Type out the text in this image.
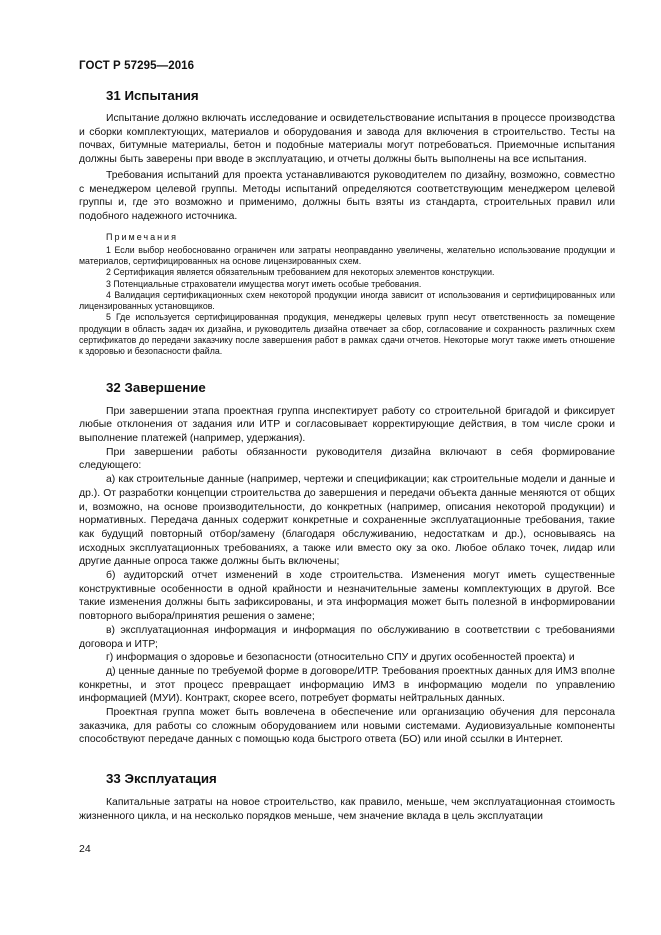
ГОСТ Р 57295—2016
31 Испытания

Испытание должно включать исследование и освидетельствование испытания в процессе производства и сборки комплектующих, материалов и оборудования и завода для включения в строительство. Тесты на почвах, битумные материалы, бетон и подобные материалы могут потребоваться. Приемочные испытания должны быть заверены при вводе в эксплуатацию, и отчеты должны быть выполнены на все испытания.

Требования испытаний для проекта устанавливаются руководителем по дизайну, возможно, совместно с менеджером целевой группы. Методы испытаний определяются соответствующим менеджером целевой группы и, где это возможно и применимо, должны быть взяты из стандарта, строительных правил или подобного надежного источника.

Примечания

1 Если выбор необоснованно ограничен или затраты неоправданно увеличены, желательно использование продукции и материалов, сертифицированных на основе лицензированных схем.

2 Сертификация является обязательным требованием для некоторых элементов конструкции.

3 Потенциальные страхователи имущества могут иметь особые требования.

4 Валидация сертификационных схем некоторой продукции иногда зависит от использования и сертифицированных или лицензированных установщиков.

5 Где используется сертифицированная продукция, менеджеры целевых групп несут ответственность за помещение продукции в область задач их дизайна, и руководитель дизайна отвечает за сбор, согласование и сохранность различных схем сертификатов до передачи заказчику после завершения работ в рамках сдачи отчетов. Некоторые могут также иметь отношение к здоровью и безопасности файла.

32 Завершение

При завершении этапа проектная группа инспектирует работу со строительной бригадой и фиксирует любые отклонения от задания или ИТР и согласовывает корректирующие действия, в том числе сроки и выполнение платежей (например, удержания).

При завершении работы обязанности руководителя дизайна включают в себя формирование следующего:

а) как строительные данные (например, чертежи и спецификации; как строительные модели и данные и др.). От разработки концепции строительства до завершения и передачи объекта данные меняются от общих и, возможно, на основе производительности, до конкретных (например, описания некоторой продукции) и нормативных. Передача данных содержит конкретные и сохраненные эксплуатационные требования, такие как будущий повторный отбор/замену (благодаря обслуживанию, недостаткам и др.), основываясь на исходных эксплуатационных требованиях, а также или вместо оку за око. Любое облако точек, лидар или другие данные опроса также должны быть включены;

б) аудиторский отчет изменений в ходе строительства. Изменения могут иметь существенные конструктивные особенности в одной крайности и незначительные замены комплектующих в другой. Все такие изменения должны быть зафиксированы, и эта информация может быть полезной в информировании повторного выбора/принятия решения о замене;

в) эксплуатационная информация и информация по обслуживанию в соответствии с требованиями договора и ИТР;

г) информация о здоровье и безопасности (относительно СПУ и других особенностей проекта) и

д) ценные данные по требуемой форме в договоре/ИТР. Требования проектных данных для ИМЗ вполне конкретны, и этот процесс превращает информацию ИМЗ в информацию модели по управлению информацией (МУИ). Контракт, скорее всего, потребует форматы нейтральных данных.

Проектная группа может быть вовлечена в обеспечение или организацию обучения для персонала заказчика, для работы со сложным оборудованием или новыми системами. Аудиовизуальные компоненты способствуют передаче данных с помощью кода быстрого ответа (БО) или иной ссылки в Интернет.

33 Эксплуатация

Капитальные затраты на новое строительство, как правило, меньше, чем эксплуатационная стоимость жизненного цикла, и на несколько порядков меньше, чем значение вклада в цель эксплуатации

24
